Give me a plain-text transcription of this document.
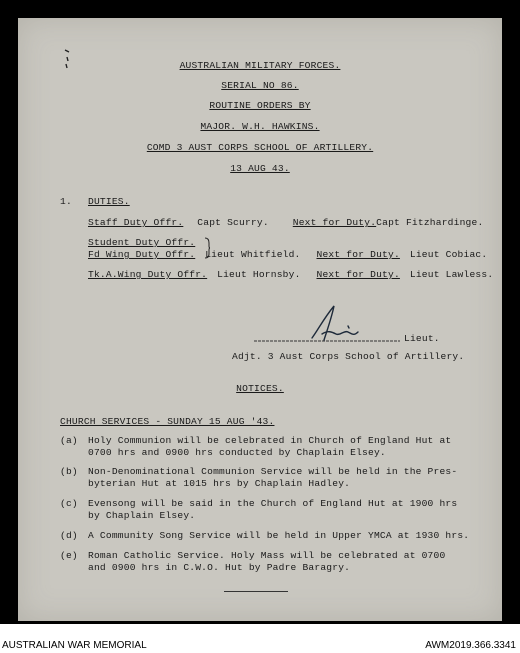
AUSTRALIAN MILITARY FORCES.
SERIAL NO 86.
ROUTINE ORDERS BY
MAJOR. W.H. HAWKINS.
COMD 3 AUST CORPS SCHOOL OF ARTILLERY.
13 AUG 43.
1. DUTIES.
Staff Duty Offr. Capt Scurry. Next for Duty.Capt Fitzhardinge.
Student Duty Offr.
Fd Wing Duty Offr. Lieut Whitfield. Next for Duty. Lieut Cobiac.
Tk.A.Wing Duty Offr. Lieut Hornsby. Next for Duty. Lieut Lawless.
Lieut.
Adjt. 3 Aust Corps School of Artillery.
NOTICES.
CHURCH SERVICES - SUNDAY 15 AUG '43.
(a) Holy Communion will be celebrated in Church of England Hut at
0700 hrs and 0900 hrs conducted by Chaplain Elsey.
(b) Non-Denominational Communion Service will be held in the Pres-
byterian Hut at 1015 hrs by Chaplain Hadley.
(c) Evensong will be said in the Church of England Hut at 1900 hrs
by Chaplain Elsey.
(d) A Community Song Service will be held in Upper YMCA at 1930 hrs.
(e) Roman Catholic Service. Holy Mass will be celebrated at 0700
and 0900 hrs in C.W.O. Hut by Padre Baragry.
AUSTRALIAN WAR MEMORIAL	AWM2019.366.3341
